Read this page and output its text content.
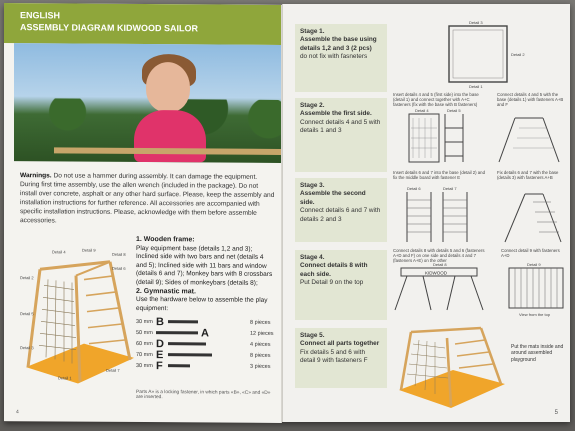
ENGLISH
ASSEMBLY DIAGRAM KIDWOOD SAILOR
Warnings. Do not use a hammer during assembly. It can damage the equipment. During first time assembly, use the allen wrench (included in the package). Do not install over concrete, asphalt or any other hard surface. Please, keep the assembly and installation instructions for further reference. All accessories are accompanied with specific installation instructions. Please, acknowledge with them before assemble accessories.
Detail 4	Detail 9
Detail 6
Detail 2
Detail 8
Detail 5
Detail 3
Detail 1
Detail 7
1. Wooden frame:
Play equipment base (details 1,2 and 3); Inclined side with two bars and net (details 4 and 5); Inclined side with 11 bars and window (details 6 and 7); Monkey bars with 8 crossbars (detail 9); Sides of monkeybars (details 8);
2. Gymnastic mat.
Use the hardware below to assemble the play equipment:
30 mm B	8 pieces
50 mm	A	12 pieces
60 mm D	4 pieces
70 mm E	8 pieces
30 mm F	3 pieces
Parts A» is a locking fastener, in which parts «B», «C» and «D» are inserted.
4
Stage 1.
Assemble the base using details 1,2 and 3 (2 pcs)
do not fix with fasneters
Detail 3
Detail 2
Detail 1
Stage 2.
Assemble the first side.
Connect details 4 and 5 with details 1 and 3
Insert details 4 and 5 (first side) into the base (detail 1) and connect together with A+C fasteners (fix with the base with B fasteners)
Connect details 4 and 5 with the base (details 1) with fasteners A+B and F
Detail 4	Detail 5
Stage 3.
Assemble the second side.
Connect details 6 and 7 with details 2 and 3
Insert details 6 and 7 into the base (detail 2) and fix the middle board with fastener E
Fix details 6 and 7 with the base (details 3) with fasteners A+B
Detail 6	Detail 7
Stage 4.
Connect details 8 with each side.
Put Detail 9 on the top
Connect details 8 with details 5 and 6 (fasteners A+D and F) on one side and details 4 and 7 (fasteners A+E) on the other
Connect detail 9 with fasteners A+D
KIDWOOD
View from the top
Detail 8	Detail 9
Stage 5.
Connect all parts together
Fix details 5 and 6 with detail 9 with fasteners F
Put the mats inside and around assembled playground
5
